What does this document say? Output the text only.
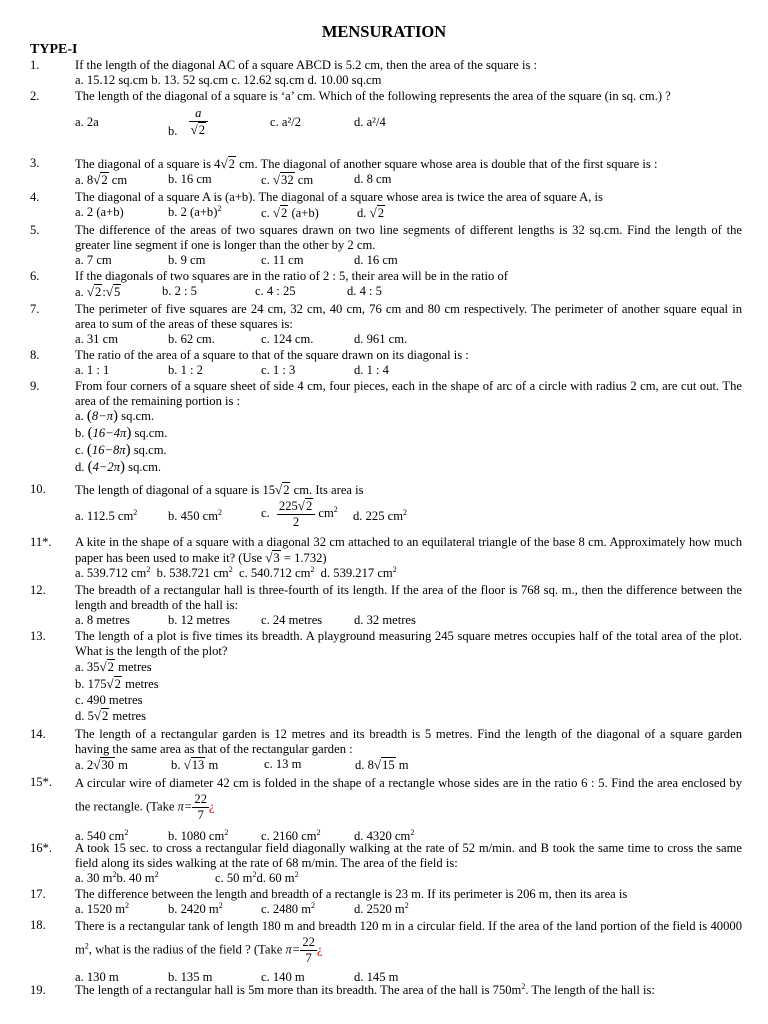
MENSURATION
TYPE-I
1.	If the length of the diagonal AC of a square ABCD is 5.2 cm, then the area of the square is :
a. 15.12 sq.cm b. 13. 52 sq.cm c. 12.62 sq.cm d. 10.00 sq.cm
2.	The length of the diagonal of a square is ‘a’ cm. Which of the following represents the area of the square (in sq. cm.) ?
a. 2a
b. $\frac{a}{√2}$	c. a²/2	d. a²/4
3.	The diagonal of a square is 4√2 cm. The diagonal of another square whose area is double that of the first square is :
a. 8√2 cm	b. 16 cm	c. √32 cm	d. 8 cm
4.	The diagonal of a square A is (a+b). The diagonal of a square whose area is twice the area of square A, is
a. 2 (a+b)	b. 2 $(a+b)^2$	c. √2 (a+b)	d. √2
5.	The difference of the areas of two squares drawn on two line segments of different lengths is 32 sq.cm. Find the length of the greater line segment if one is longer than the other by 2 cm.
a. 7 cm	b. 9 cm	c. 11 cm	d. 16 cm
6.	If the diagonals of two squares are in the ratio of 2 : 5, their area will be in the ratio of
a. √2:√5	b. 2 : 5	c. 4 : 25	d. 4 : 5
7.	The perimeter of five squares are 24 cm, 32 cm, 40 cm, 76 cm and 80 cm respectively. The perimeter of another square equal in area to sum of the areas of these squares is:
a. 31 cm	b. 62 cm.	c. 124 cm.	d. 961 cm.
8.	The ratio of the area of a square to that of the square drawn on its diagonal is :
a. 1 : 1	b. 1 : 2	c. 1 : 3	d. 1 : 4
9.	From four corners of a square sheet of side 4 cm, four pieces, each in the shape of arc of a circle with radius 2 cm, are cut out. The area of the remaining portion is :
a. (8−π) sq.cm.
b. (16−4π) sq.cm.
c. (16−8π) sq.cm.
d. (4−2π) sq.cm.
10.	The length of diagonal of a square is 15√2 cm. Its area is
a. 112.5 $cm^2$ b. 450 $cm^2$	c. $\frac{225√2}{2} cm^2$ d. 225 $cm^2$
11*.	A kite in the shape of a square with a diagonal 32 cm attached to an equilateral triangle of the base 8 cm. Approximately how much paper has been used to make it? (Use √3 = 1.732)
a. 539.712 $cm^2$ b. 538.721 $cm^2$ c. 540.712 $cm^2$ d. 539.217 $cm^2$
12.	The breadth of a rectangular hall is three-fourth of its length. If the area of the floor is 768 sq. m., then the difference between the length and breadth of the hall is:
a. 8 metres	b. 12 metres c. 24 metres	d. 32 metres
13.	The length of a plot is five times its breadth. A playground measuring 245 square metres occupies half of the total area of the plot. What is the length of the plot?
a. 35√2 metres
b. 175√2 metres
c. 490 metres
d. 5√2 metres
14.	The length of a rectangular garden is 12 metres and its breadth is 5 metres. Find the length of the diagonal of a square garden having the same area as that of the rectangular garden :
a. 2√30 m	b. √13 m	c. 13 m	d. 8√15 m
15*.	A circular wire of diameter 42 cm is folded in the shape of a rectangle whose sides are in the ratio 6 : 5. Find the area enclosed by the rectangle. (Take $\pi= \frac{22}{7}$ ¿
a. 540 $cm^2$	b. 1080 $cm^2$	c. 2160 $cm^2$	d. 4320 $cm^2$
16*.	A took 15 sec. to cross a rectangular field diagonally walking at the rate of 52 m/min. and B took the same time to cross the same field along its sides walking at the rate of 68 m/min. The area of the field is:
a. 30 $m^2b$. 40 $m^2$	c. 50 $m^2d$. 60 $m^2$
17.	The difference between the length and breadth of a rectangle is 23 m. If its perimeter is 206 m, then its area is
a. 1520 $m^2$	b. 2420 $m^2$	c. 2480 $m^2$	d. 2520 $m^2$
18.	There is a rectangular tank of length 180 m and breadth 120 m in a circular field. If the area of the land portion of the field is 40000 $m^2$, what is the radius of the field ? (Take $\pi= \frac{22}{7}$ ¿
a. 130 m	b. 135 m	c. 140 m	d. 145 m
19.	The length of a rectangular hall is 5m more than its breadth. The area of the hall is $750m^2$. The length of the hall is:
